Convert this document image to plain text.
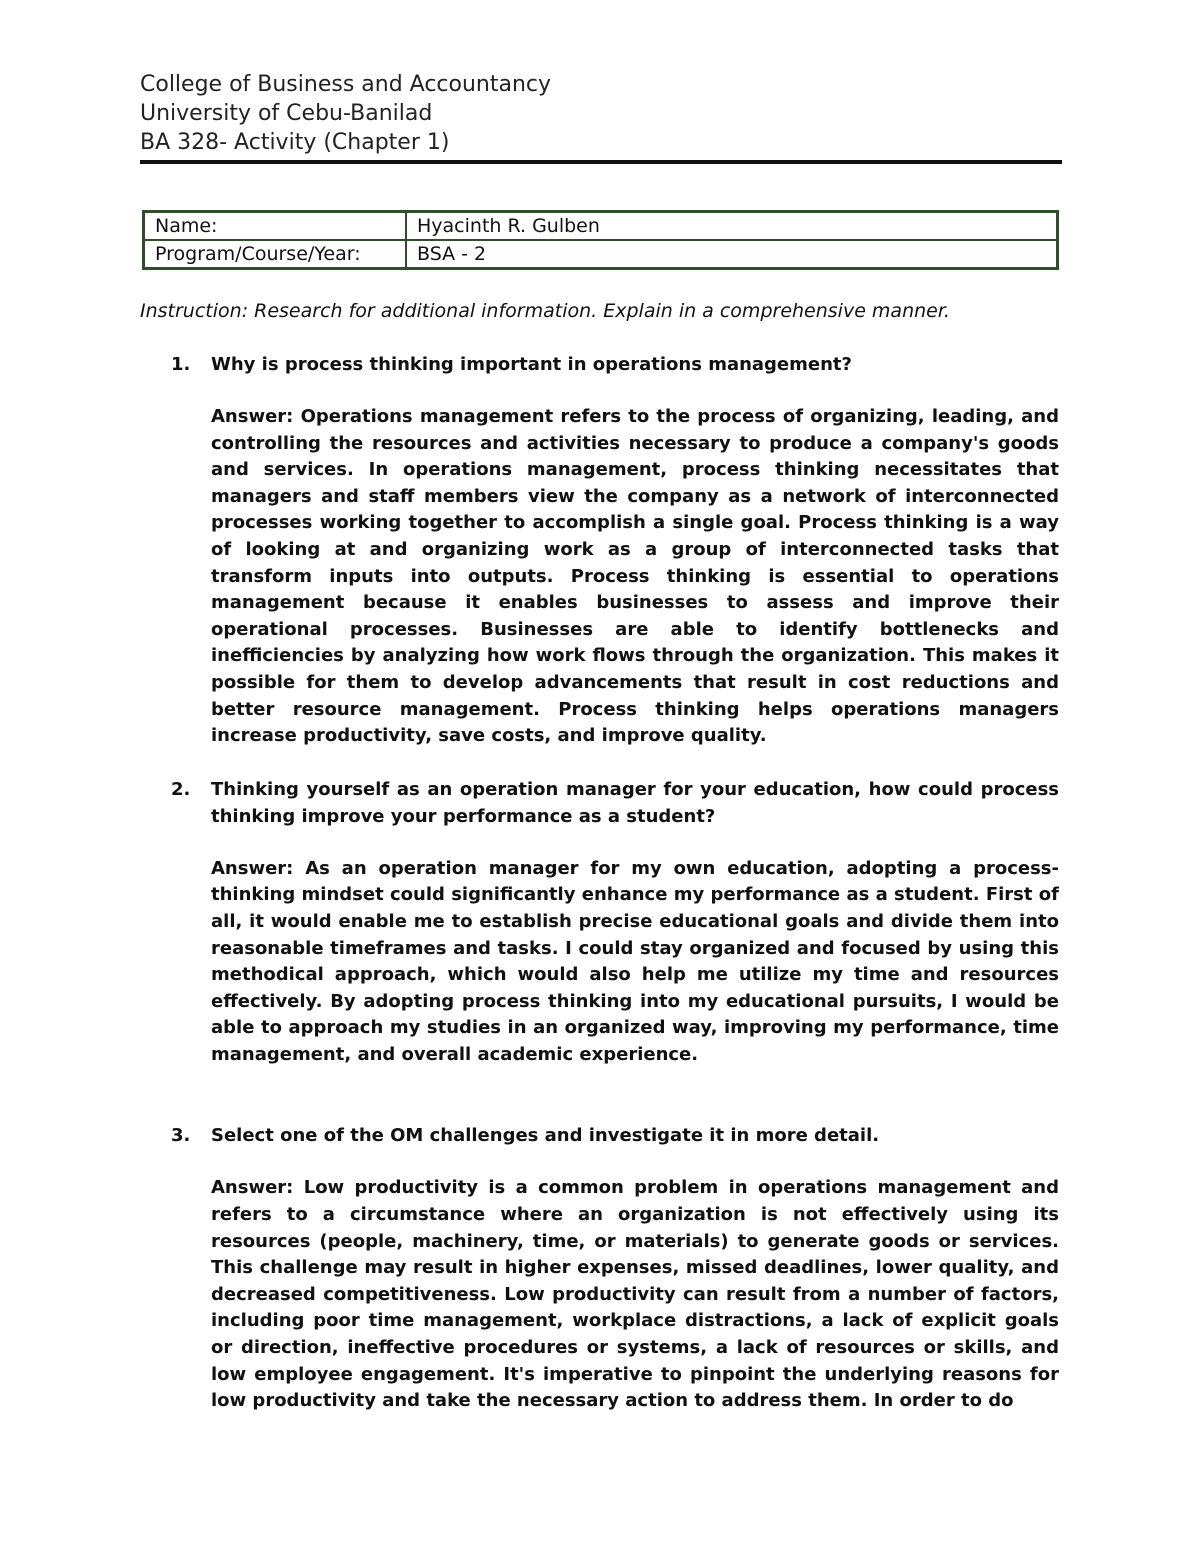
College of Business and Accountancy

University of Cebu-Banilad

BA 328- Activity (Chapter 1)

Name:	Hyacinth R. Gulben
Program/Course/Year:	BSA - 2
Instruction: Research for additional information. Explain in a comprehensive manner.
1. Why is process thinking important in operations management?

Answer: Operations management refers to the process of organizing, leading, and controlling the resources and activities necessary to produce a company's goods and services. In operations management, process thinking necessitates that managers and staff members view the company as a network of interconnected processes working together to accomplish a single goal. Process thinking is a way of looking at and organizing work as a group of interconnected tasks that transform inputs into outputs. Process thinking is essential to operations management because it enables businesses to assess and improve their operational processes. Businesses are able to identify bottlenecks and inefficiencies by analyzing how work flows through the organization. This makes it possible for them to develop advancements that result in cost reductions and better resource management. Process thinking helps operations managers increase productivity, save costs, and improve quality.

2. Thinking yourself as an operation manager for your education, how could process thinking improve your performance as a student?

Answer: As an operation manager for my own education, adopting a process-thinking mindset could significantly enhance my performance as a student. First of all, it would enable me to establish precise educational goals and divide them into reasonable timeframes and tasks. I could stay organized and focused by using this methodical approach, which would also help me utilize my time and resources effectively. By adopting process thinking into my educational pursuits, I would be able to approach my studies in an organized way, improving my performance, time management, and overall academic experience.

3. Select one of the OM challenges and investigate it in more detail.

Answer: Low productivity is a common problem in operations management and refers to a circumstance where an organization is not effectively using its resources (people, machinery, time, or materials) to generate goods or services. This challenge may result in higher expenses, missed deadlines, lower quality, and decreased competitiveness. Low productivity can result from a number of factors, including poor time management, workplace distractions, a lack of explicit goals or direction, ineffective procedures or systems, a lack of resources or skills, and low employee engagement. It's imperative to pinpoint the underlying reasons for low productivity and take the necessary action to address them. In order to do
